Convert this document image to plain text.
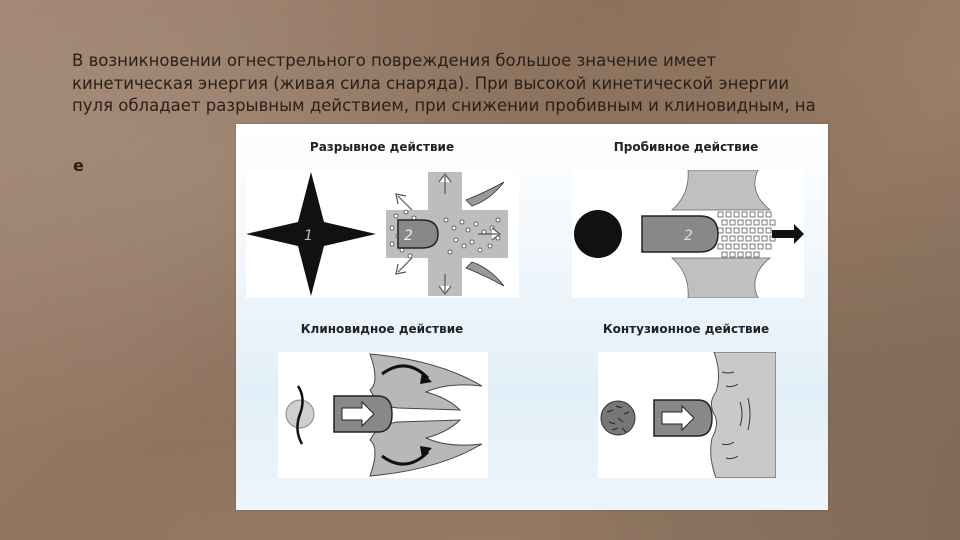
В возникновении огнестрельного повреждения большое значение имеет кинетическая энергия (живая сила снаряда). При высокой кинетической энергии пуля обладает разрывным действием, при снижении пробивным и клиновидным, на
е
Разрывное действие
1	2
Пробивное действие
2
Клиновидное действие	Контузионное действие
